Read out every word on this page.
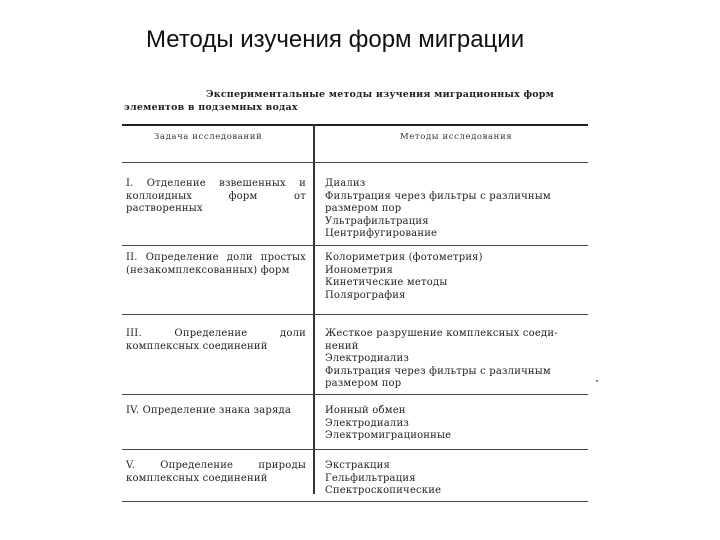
Методы изучения форм миграции
Экспериментальные методы изучения миграционных форм
элементов в подземных водах
Задача исследований	Методы исследования
I. Отделение взвешенных и коллоидных форм от растворенных
Диализ
Фильтрация через фильтры с различным
размером пор
Ультрафильтрация
Центрифугирование
II. Определение доли простых (незакомплексованных) форм
Колориметрия (фотометрия)
Ионометрия
Кинетические методы
Полярография
III. Определение доли комплексных соединений
Жесткое разрушение комплексных соеди-
нений
Электродиализ
Фильтрация через фильтры с различным
размером пор
IV. Определение знака заряда	Ионный обмен
Электродиализ
Электромиграционные
V. Определение природы комплексных соединений
Экстракция
Гельфильтрация
Спектроскопические
